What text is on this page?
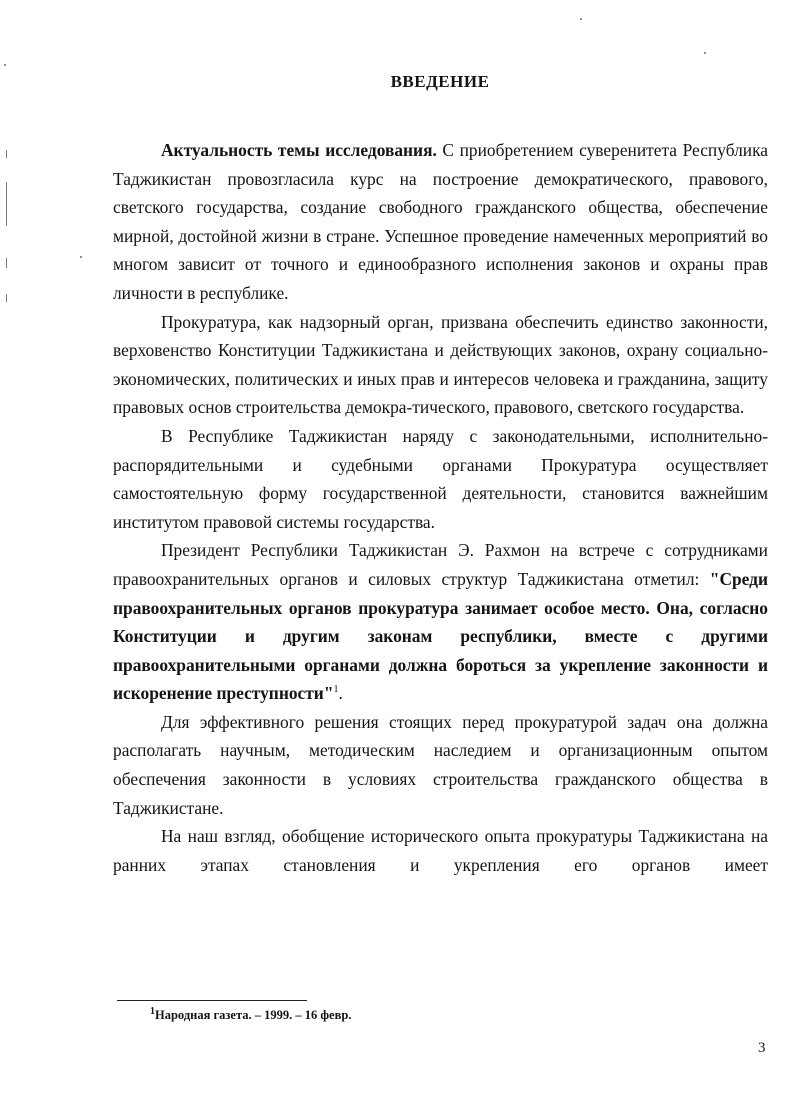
ВВЕДЕНИЕ

Актуальность темы исследования. С приобретением суверенитета Республика Таджикистан провозгласила курс на построение демократического, правового, светского государства, создание свободного гражданского общества, обеспечение мирной, достойной жизни в стране. Успешное проведение намеченных мероприятий во многом зависит от точного и единообразного исполнения законов и охраны прав личности в республике.

Прокуратура, как надзорный орган, призвана обеспечить единство законности, верховенство Конституции Таджикистана и действующих законов, охрану социально-экономических, политических и иных прав и интересов человека и гражданина, защиту правовых основ строительства демокра-тического, правового, светского государства.

В Республике Таджикистан наряду с законодательными, исполнительно-распорядительными и судебными органами Прокуратура осуществляет самостоятельную форму государственной деятельности, становится важнейшим институтом правовой системы государства.

Президент Республики Таджикистан Э. Рахмон на встрече с сотрудниками правоохранительных органов и силовых структур Таджикистана отметил: "Среди правоохранительных органов прокуратура занимает особое место. Она, согласно Конституции и другим законам республики, вместе с другими правоохранительными органами должна бороться за укрепление законности и искоренение преступности"$^1$.

Для эффективного решения стоящих перед прокуратурой задач она должна располагать научным, методическим наследием и организационным опытом обеспечения законности в условиях строительства гражданского общества в Таджикистане.

На наш взгляд, обобщение исторического опыта прокуратуры Таджикистана на ранних этапах становления и укрепления его органов имеет

$^1$Народная газета. – 1999. – 16 февр.
3
